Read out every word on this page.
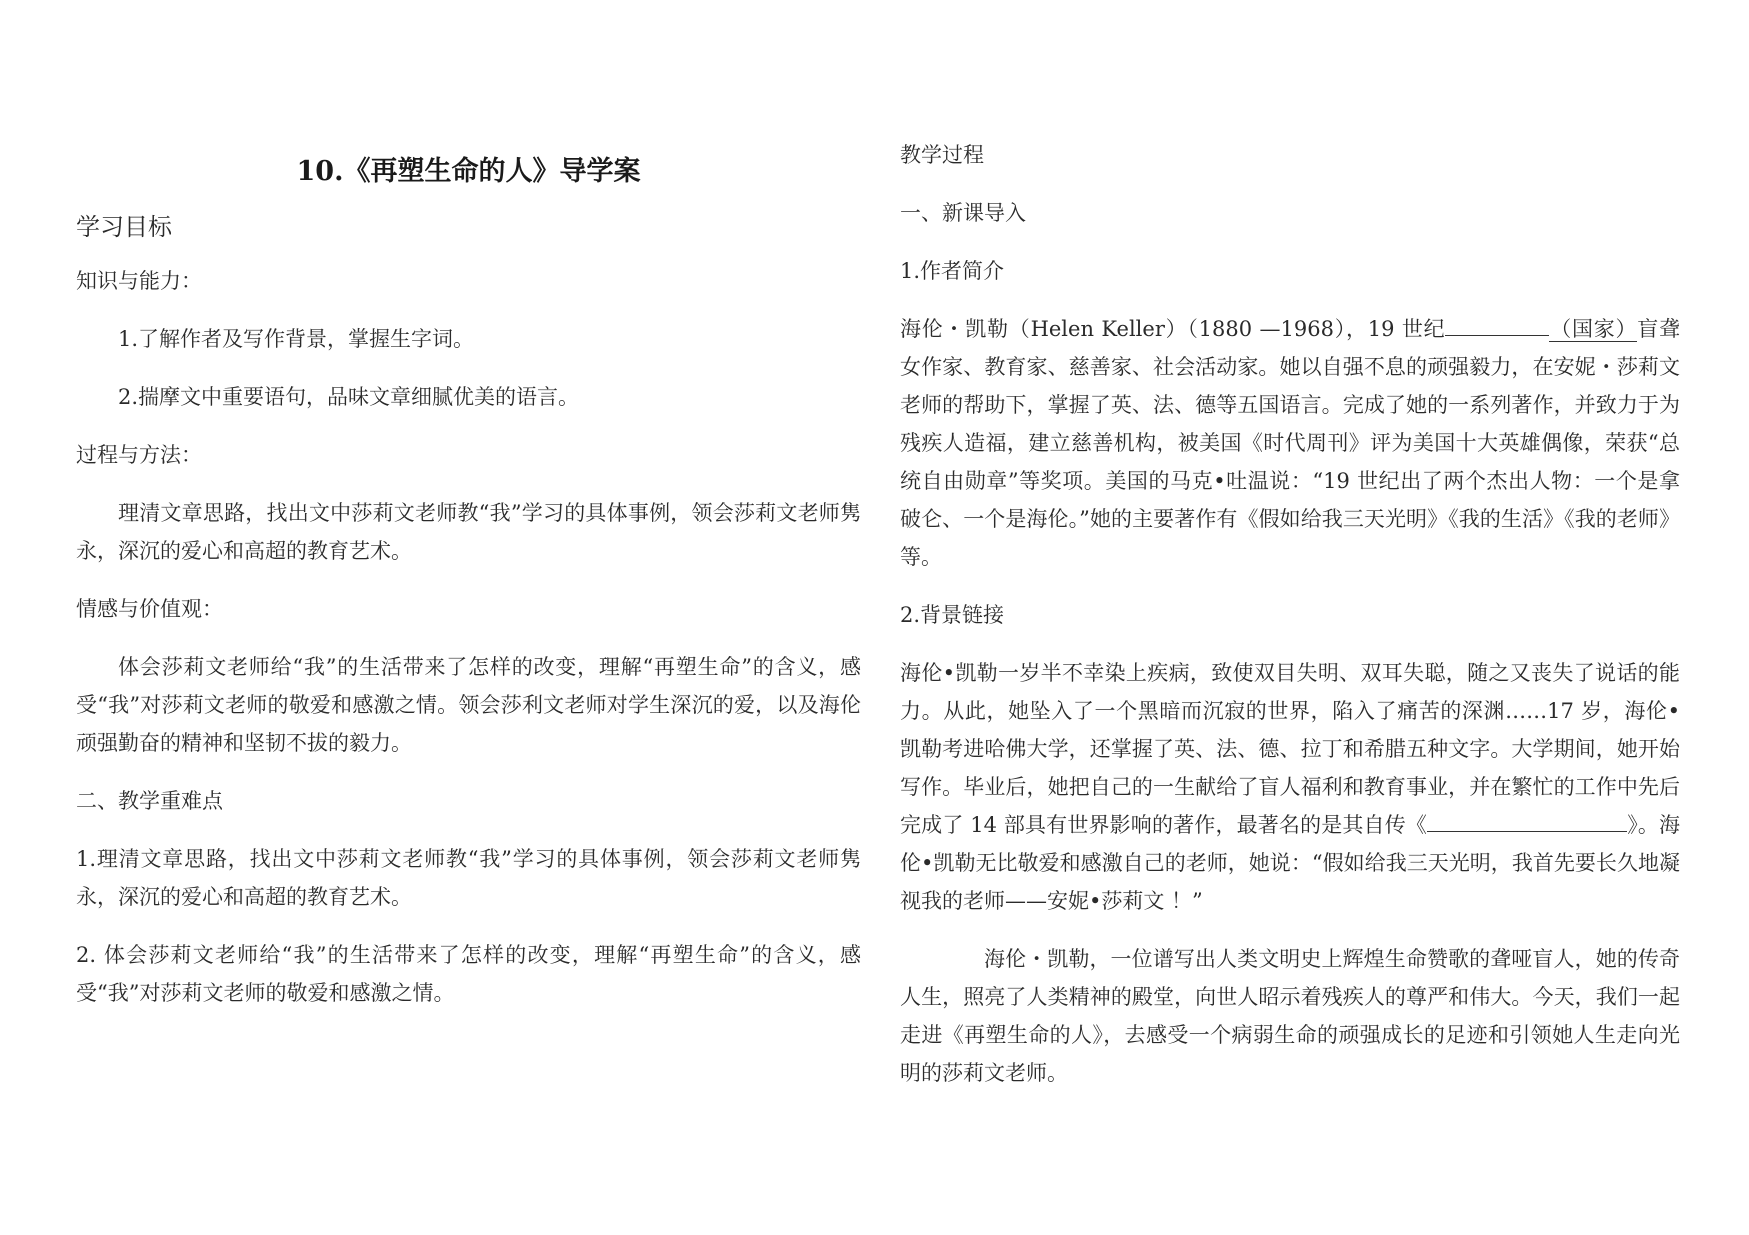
10.《再塑生命的人》导学案
学习目标

知识与能力：

1.了解作者及写作背景，掌握生字词。

2.揣摩文中重要语句，品味文章细腻优美的语言。

过程与方法：

理清文章思路，找出文中莎莉文老师教“我”学习的具体事例，领会莎莉文老师隽永，深沉的爱心和高超的教育艺术。

情感与价值观：

体会莎莉文老师给“我”的生活带来了怎样的改变，理解“再塑生命”的含义，感受“我”对莎莉文老师的敬爱和感激之情。领会莎利文老师对学生深沉的爱，以及海伦顽强勤奋的精神和坚韧不拔的毅力。

二、教学重难点

1.理清文章思路，找出文中莎莉文老师教“我”学习的具体事例，领会莎莉文老师隽永，深沉的爱心和高超的教育艺术。

2. 体会莎莉文老师给“我”的生活带来了怎样的改变，理解“再塑生命”的含义，感受“我”对莎莉文老师的敬爱和感激之情。

教学过程

一、新课导入

1.作者简介

海伦・凯勒（Helen Keller）（1880 —1968），19 世纪	（国家）盲聋女作家、教育家、慈善家、社会活动家。她以自强不息的顽强毅力，在安妮・莎莉文老师的帮助下，掌握了英、法、德等五国语言。完成了她的一系列著作，并致力于为残疾人造福，建立慈善机构，被美国《时代周刊》评为美国十大英雄偶像，荣获“总统自由勋章”等奖项。美国的马克•吐温说：“19 世纪出了两个杰出人物：一个是拿破仑、一个是海伦。”她的主要著作有《假如给我三天光明》《我的生活》《我的老师》等。

2.背景链接

海伦•凯勒一岁半不幸染上疾病，致使双目失明、双耳失聪，随之又丧失了说话的能力。从此，她坠入了一个黑暗而沉寂的世界，陷入了痛苦的深渊……17 岁，海伦•凯勒考进哈佛大学，还掌握了英、法、德、拉丁和希腊五种文字。大学期间，她开始写作。毕业后，她把自己的一生献给了盲人福利和教育事业，并在繁忙的工作中先后完成了 14 部具有世界影响的著作，最著名的是其自传《	》。海伦•凯勒无比敬爱和感激自己的老师，她说：“假如给我三天光明，我首先要长久地凝视我的老师——安妮•莎莉文 ！”

海伦・凯勒，一位谱写出人类文明史上辉煌生命赞歌的聋哑盲人，她的传奇人生，照亮了人类精神的殿堂，向世人昭示着残疾人的尊严和伟大。今天，我们一起走进《再塑生命的人》，去感受一个病弱生命的顽强成长的足迹和引领她人生走向光明的莎莉文老师。
